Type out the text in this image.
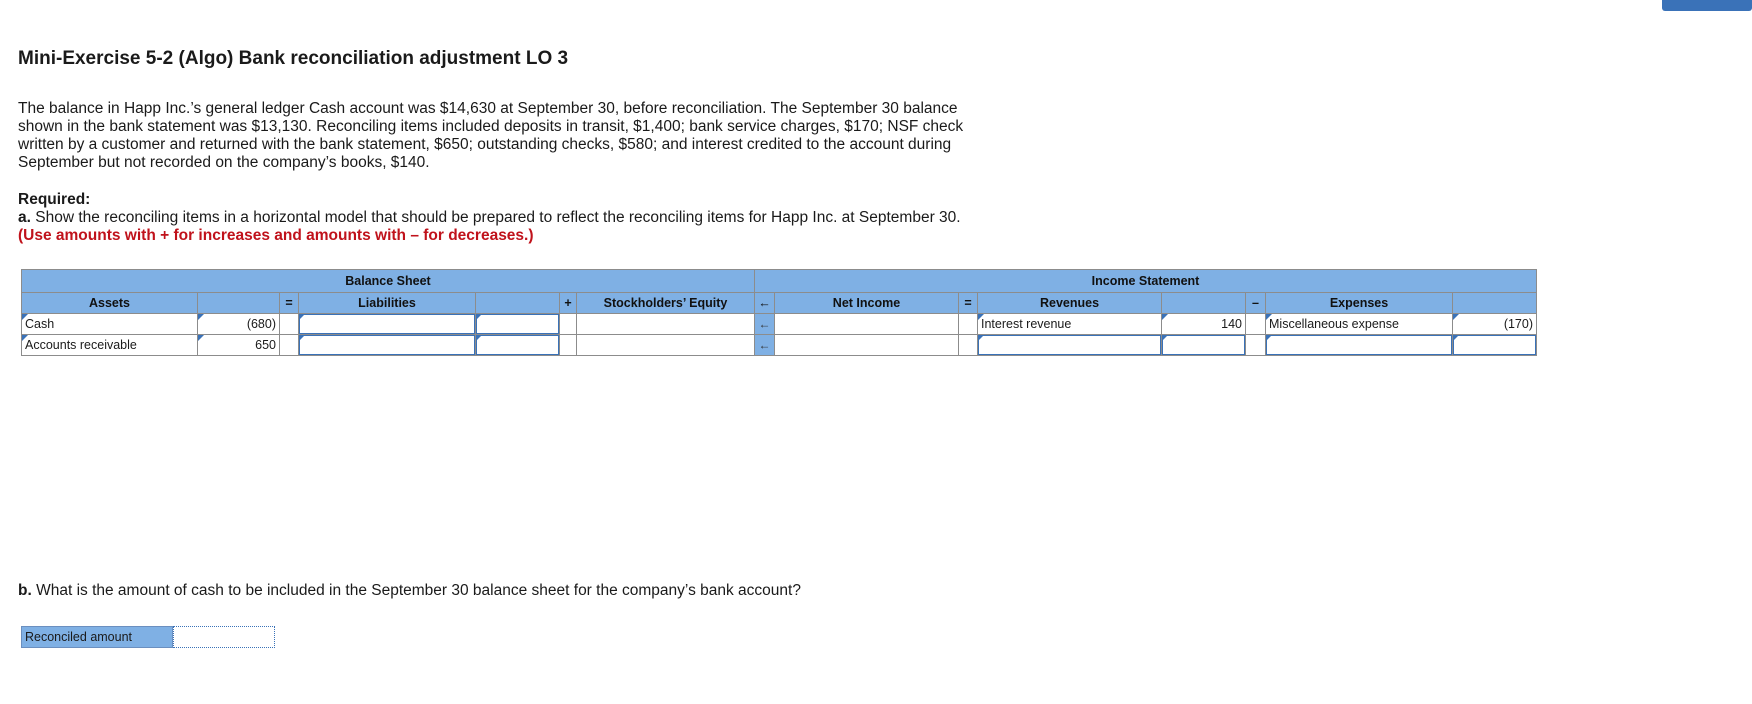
Mini-Exercise 5-2 (Algo) Bank reconciliation adjustment LO 3

The balance in Happ Inc.’s general ledger Cash account was $14,630 at September 30, before reconciliation. The September 30 balance shown in the bank statement was $13,130. Reconciling items included deposits in transit, $1,400; bank service charges, $170; NSF check written by a customer and returned with the bank statement, $650; outstanding checks, $580; and interest credited to the account during September but not recorded on the company’s books, $140.

Required:

a. Show the reconciling items in a horizontal model that should be prepared to reflect the reconciling items for Happ Inc. at September 30. (Use amounts with + for increases and amounts with – for decreases.)

Balance Sheet							Income Statement							
Assets		=	Liabilities		+	Stockholders’ Equity	←	Net Income	=	Revenues		–	Expenses	
Cash	(680)						←			Interest revenue	140		Miscellaneous expense	(170)
Accounts receivable	650						←							

b. What is the amount of cash to be included in the September 30 balance sheet for the company’s bank account?

Reconciled amount
